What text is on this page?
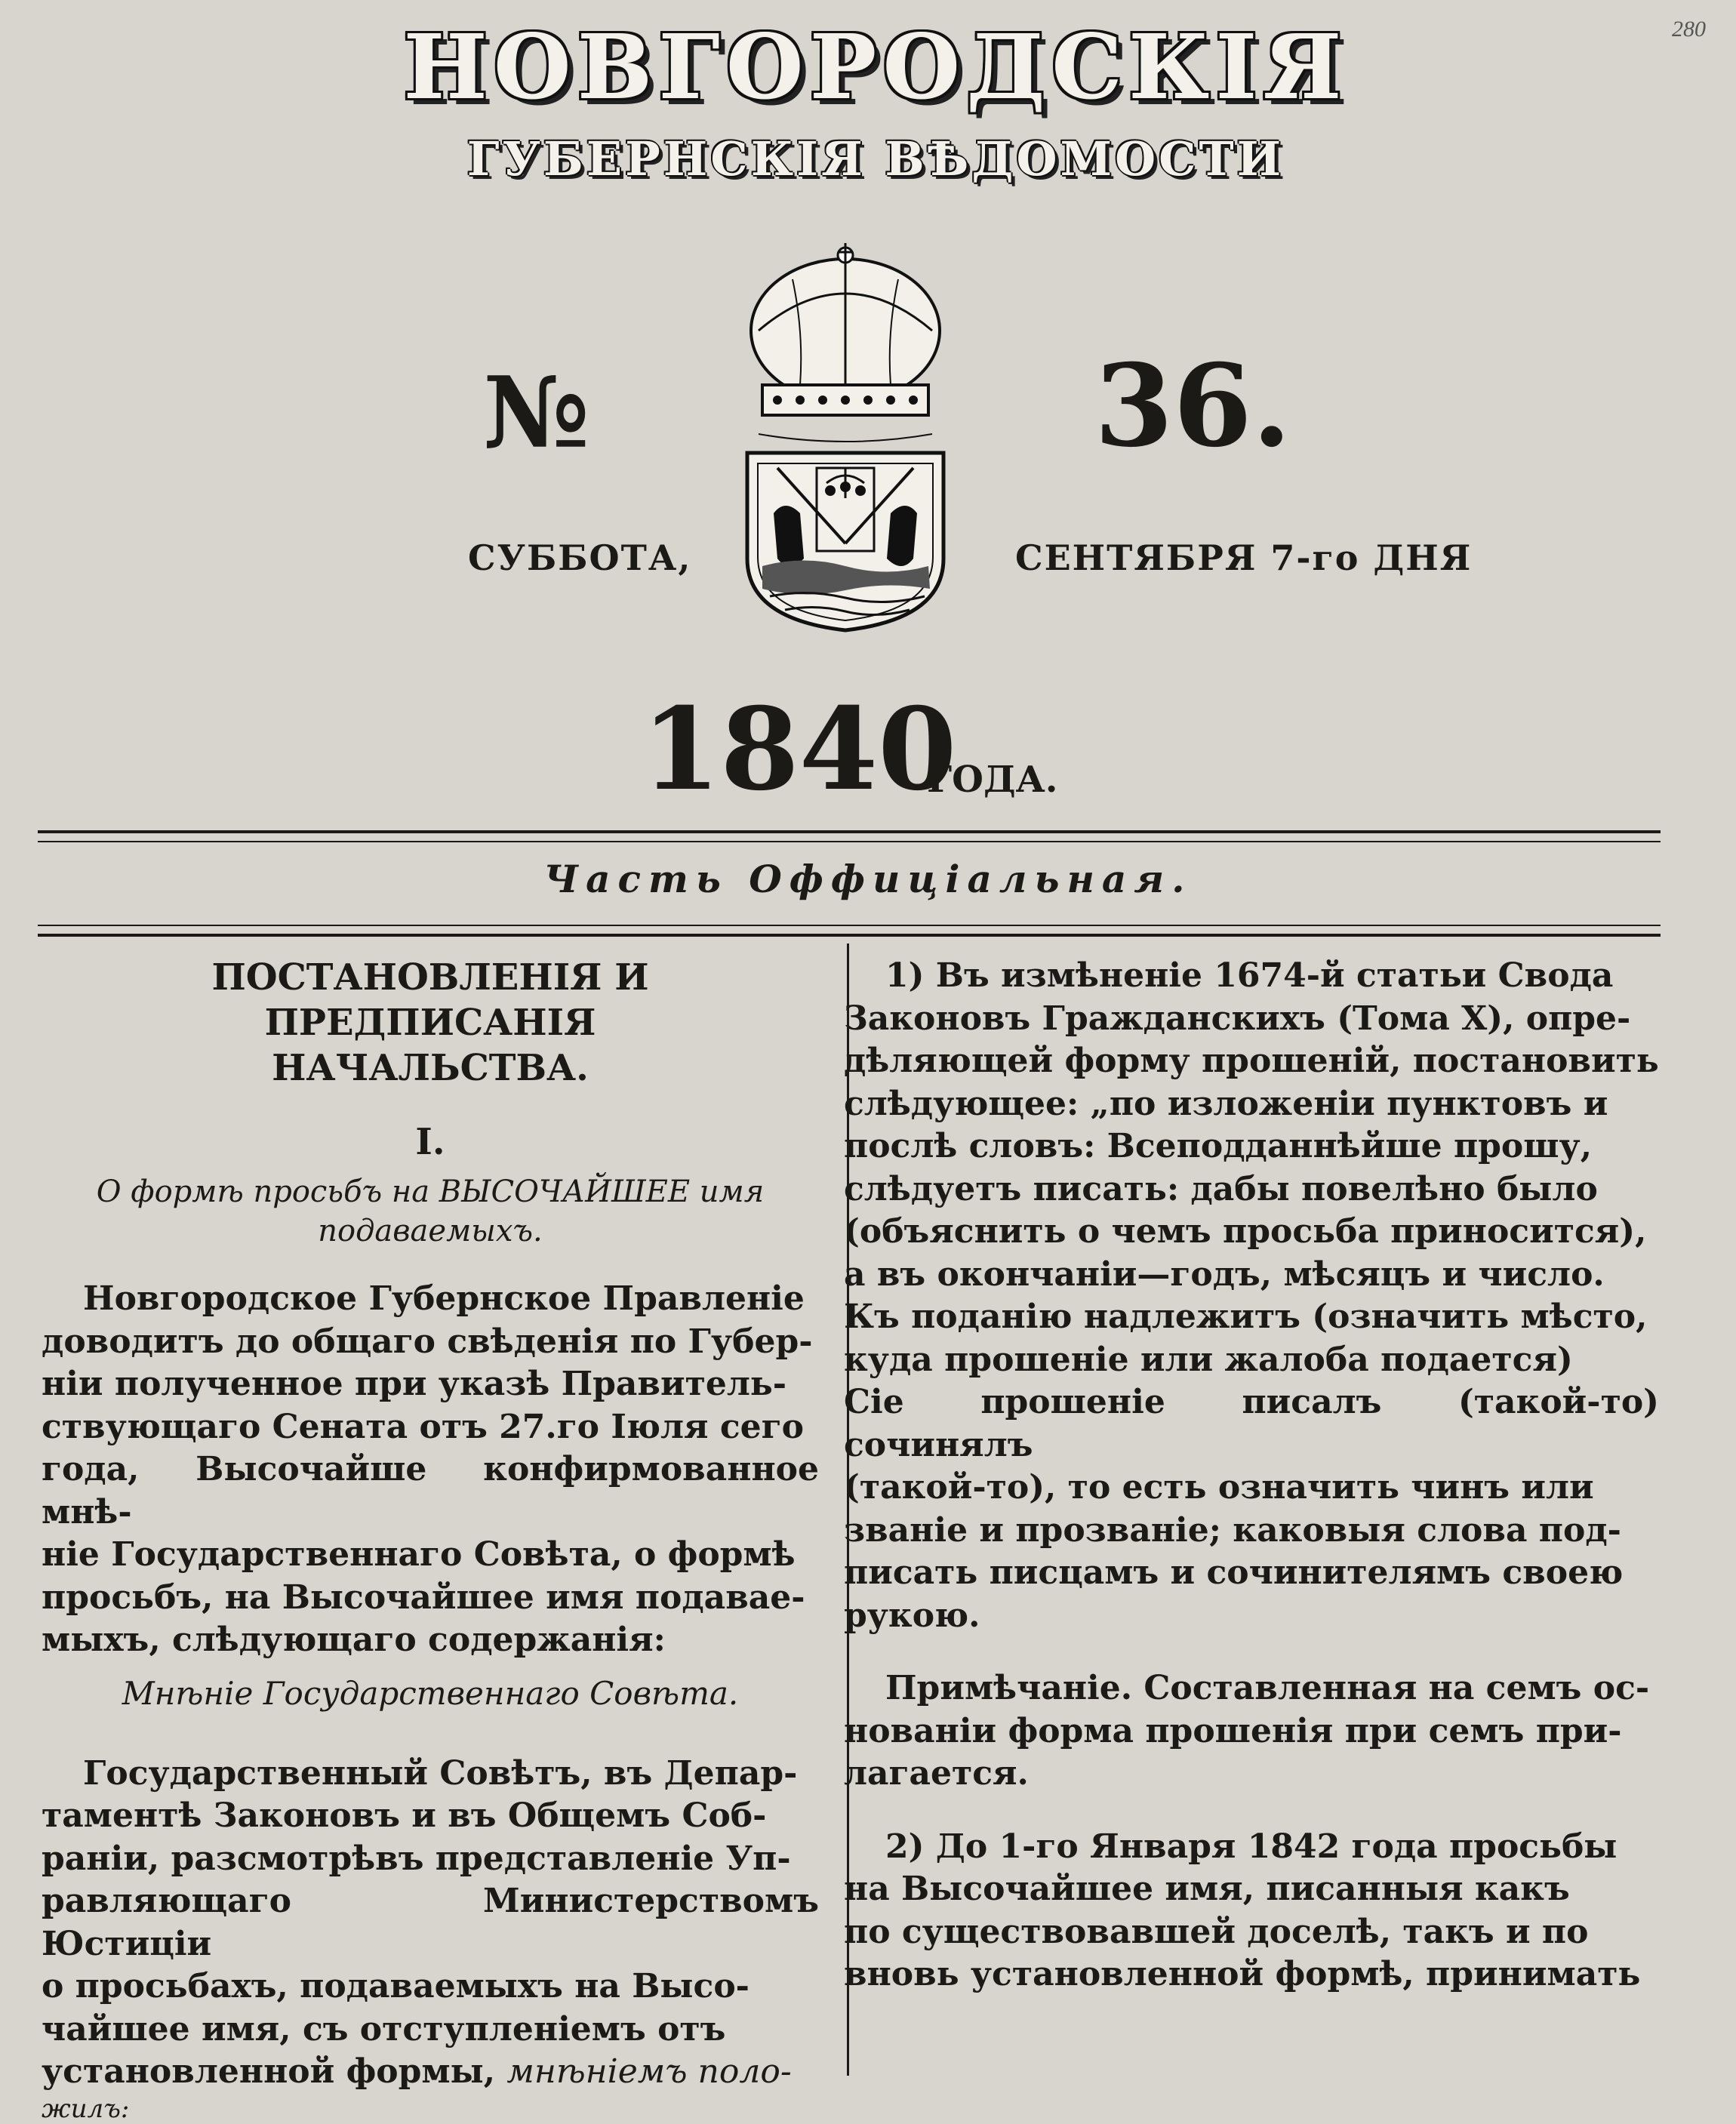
280
НОВГОРОДСКІЯ
ГУБЕРНСКІЯ ВѢДОМОСТИ
№	36.
СУББОТА,	СЕНТЯБРЯ 7-го ДНЯ
1840
ГОДА.
Часть Оффиціальная.

ПОСТАНОВЛЕНІЯ И ПРЕДПИСАНІЯ

НАЧАЛЬСТВА.

I.

О формѣ просьбъ на ВЫСОЧАЙШЕЕ имя

подаваемыхъ.

Новгородское Губернское Правленіе

доводитъ до общаго свѣденія по Губер-

ніи полученное при указѣ Правитель-

ствующаго Сената отъ 27.го Іюля сего

года, Высочайше конфирмованное мнѣ-

ніе Государственнаго Совѣта, о формѣ

просьбъ, на Высочайшее имя подавае-

мыхъ, слѣдующаго содержанія:

Мнѣніе Государственнаго Совѣта.

Государственный Совѣтъ, въ Депар-

таментѣ Законовъ и въ Общемъ Соб-

раніи, разсмотрѣвъ представленіе Уп-

равляющаго Министерствомъ Юстиціи

о просьбахъ, подаваемыхъ на Высо-

чайшее имя, съ отступленіемъ отъ

установленной формы, мнѣніемъ поло-

жилъ:

1) Въ измѣненіе 1674-й статьи Свода

Законовъ Гражданскихъ (Тома X), опре-

дѣляющей форму прошеній, постановить

слѣдующее: „по изложеніи пунктовъ и

послѣ словъ: Всеподданнѣйше прошу,

слѣдуетъ писать: дабы повелѣно было

(объяснить о чемъ просьба приносится),

а въ окончаніи—годъ, мѣсяцъ и число.

Къ поданію надлежитъ (означить мѣсто,

куда прошеніе или жалоба подается)

Сіе прошеніе писалъ (такой-то) сочинялъ

(такой-то), то есть означить чинъ или

званіе и прозваніе; каковыя слова под-

писать писцамъ и сочинителямъ своею

рукою.

Примѣчаніе. Составленная на семъ ос-

нованіи форма прошенія при семъ при-

лагается.

2) До 1-го Января 1842 года просьбы

на Высочайшее имя, писанныя какъ

по существовавшей доселѣ, такъ и по

вновь установленной формѣ, принимать
